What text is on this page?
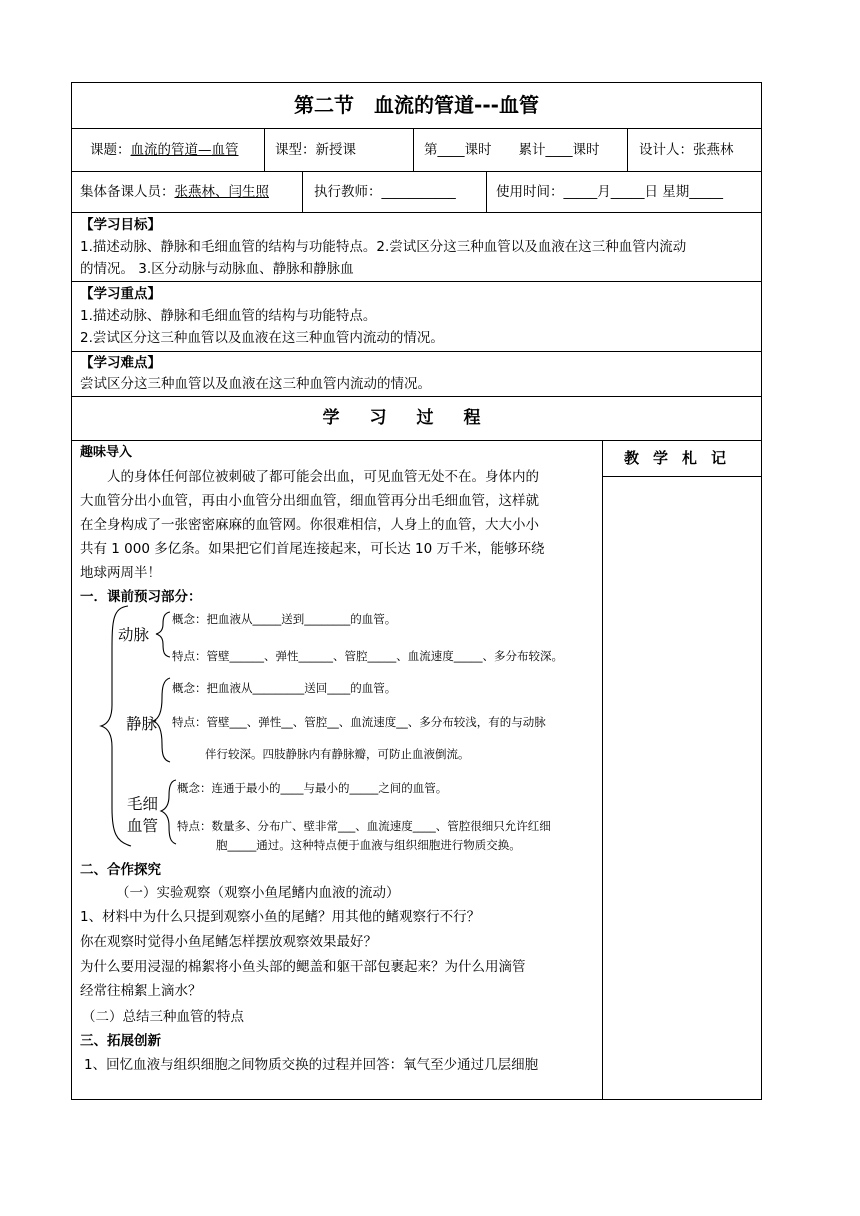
第二节　血流的管道---血管
课题：血流的管道—血管	课型：新授课	第____课时　　累计____课时	设计人：张燕林
集体备课人员：张燕林、闫生照	执行教师：___________	使用时间：_____月_____日 星期_____
【学习目标】
1.描述动脉、静脉和毛细血管的结构与功能特点。2.尝试区分这三种血管以及血液在这三种血管内流动
的情况。 3.区分动脉与动脉血、静脉和静脉血
【学习重点】
1.描述动脉、静脉和毛细血管的结构与功能特点。
2.尝试区分这三种血管以及血液在这三种血管内流动的情况。
【学习难点】
尝试区分这三种血管以及血液在这三种血管内流动的情况。
学习过程
教学札记
趣味导入
　　人的身体任何部位被刺破了都可能会出血，可见血管无处不在。身体内的
大血管分出小血管，再由小血管分出细血管，细血管再分出毛细血管，这样就
在全身构成了一张密密麻麻的血管网。你很难相信，人身上的血管，大大小小
共有 1 000 多亿条。如果把它们首尾连接起来，可长达 10 万千米，能够环绕
地球两周半！
一．课前预习部分：
动脉
概念：把血液从_____送到________的血管。
特点：管壁______、弹性______、管腔_____、血流速度_____、多分布较深。
静脉
概念：把血液从_________送回____的血管。
特点：管壁___、弹性__、管腔__、血流速度__、多分布较浅，有的与动脉
伴行较深。四肢静脉内有静脉瓣，可防止血液倒流。
毛细
血管
概念：连通于最小的____与最小的_____之间的血管。
特点：数量多、分布广、壁非常___、血流速度____、管腔很细只允许红细
胞_____通过。这种特点便于血液与组织细胞进行物质交换。
二、合作探究
（一）实验观察（观察小鱼尾鳍内血液的流动）
1、材料中为什么只提到观察小鱼的尾鳍？用其他的鳍观察行不行？
你在观察时觉得小鱼尾鳍怎样摆放观察效果最好？
为什么要用浸湿的棉絮将小鱼头部的鳃盖和躯干部包裹起来？为什么用滴管
经常往棉絮上滴水？
（二）总结三种血管的特点
三、拓展创新
1、回忆血液与组织细胞之间物质交换的过程并回答：氧气至少通过几层细胞
